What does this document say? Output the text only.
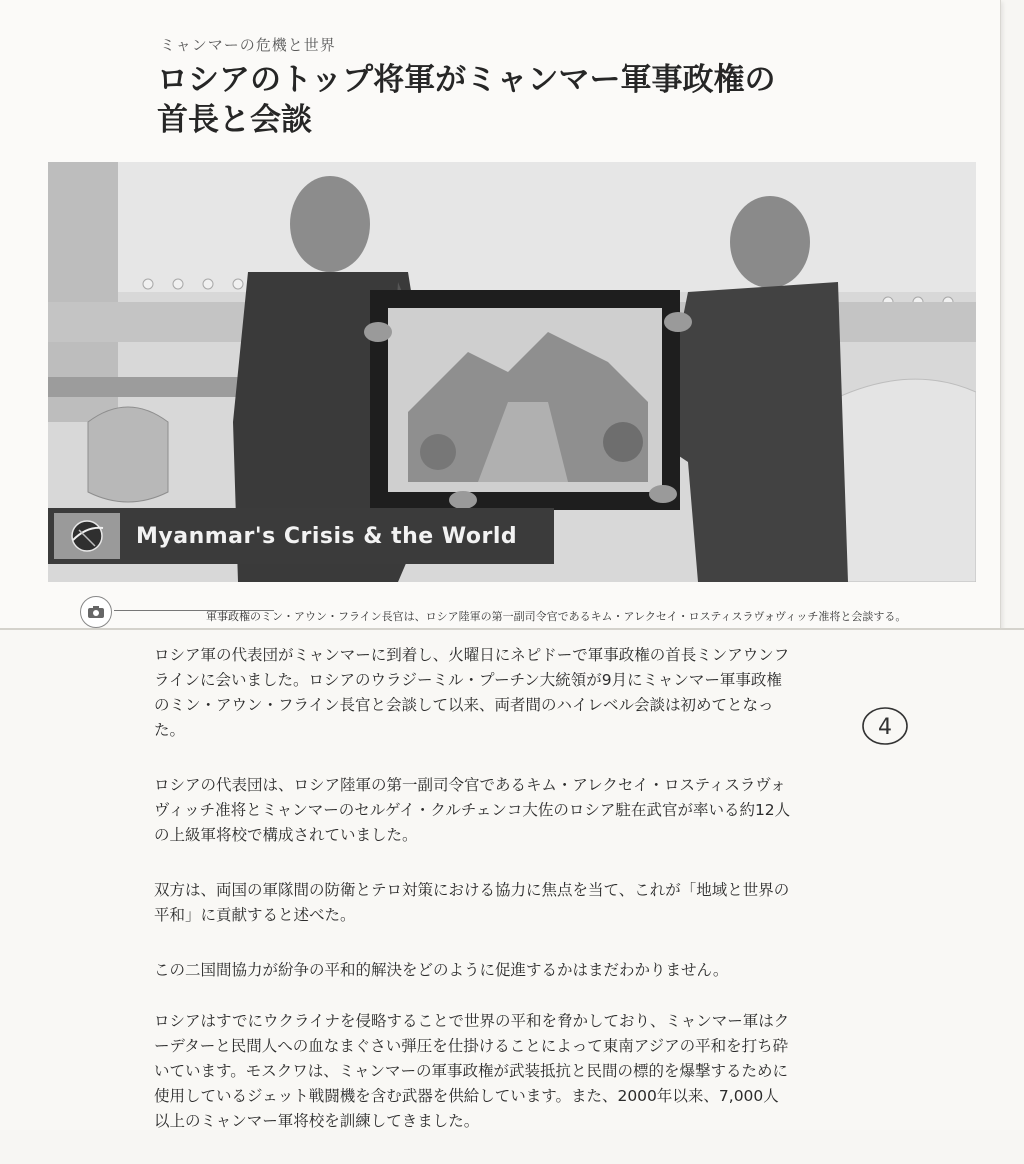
ミャンマーの危機と世界
ロシアのトップ将軍がミャンマー軍事政権の首長と会談
Myanmar's Crisis & the World
軍事政権のミン・アウン・フライン長官は、ロシア陸軍の第一副司令官であるキム・アレクセイ・ロスティスラヴォヴィッチ准将と会談する。

ロシア軍の代表団がミャンマーに到着し、火曜日にネピドーで軍事政権の首長ミンアウンフラインに会いました。ロシアのウラジーミル・プーチン大統領が9月にミャンマー軍事政権のミン・アウン・フライン長官と会談して以来、両者間のハイレベル会談は初めてとなった。

ロシアの代表団は、ロシア陸軍の第一副司令官であるキム・アレクセイ・ロスティスラヴォヴィッチ准将とミャンマーのセルゲイ・クルチェンコ大佐のロシア駐在武官が率いる約12人の上級軍将校で構成されていました。

双方は、両国の軍隊間の防衛とテロ対策における協力に焦点を当て、これが「地域と世界の平和」に貢献すると述べた。

この二国間協力が紛争の平和的解決をどのように促進するかはまだわかりません。

ロシアはすでにウクライナを侵略することで世界の平和を脅かしており、ミャンマー軍はクーデターと民間人への血なまぐさい弾圧を仕掛けることによって東南アジアの平和を打ち砕いています。モスクワは、ミャンマーの軍事政権が武装抵抗と民間の標的を爆撃するために使用しているジェット戦闘機を含む武器を供給しています。また、2000年以来、7,000人以上のミャンマー軍将校を訓練してきました。

4
